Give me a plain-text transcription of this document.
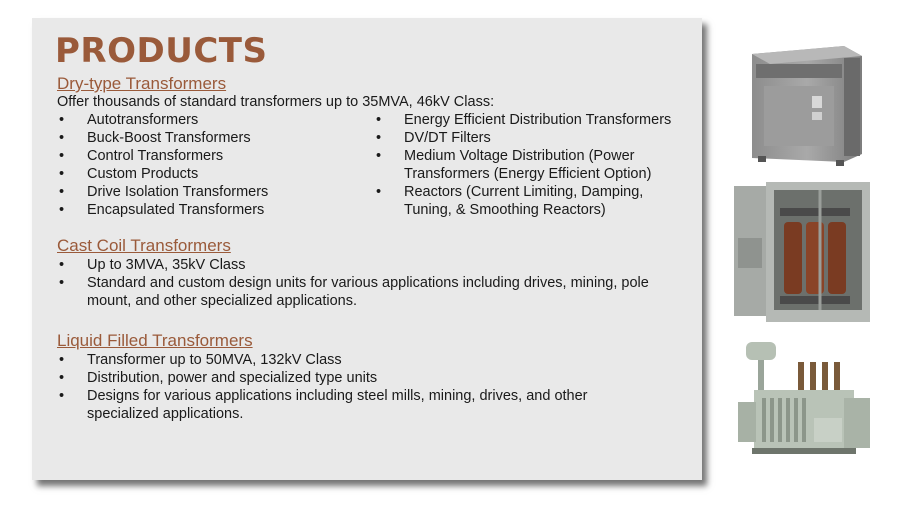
PRODUCTS
Dry-type Transformers

Offer thousands of standard transformers up to 35MVA, 46kV Class:

• Autotransformers
• Buck-Boost Transformers
• Control Transformers
• Custom Products
• Drive Isolation Transformers
• Encapsulated Transformers
• Energy Efficient Distribution Transformers
• DV/DT Filters
• Medium Voltage Distribution (Power Transformers (Energy Efficient Option)
• Reactors (Current Limiting, Damping, Tuning, & Smoothing Reactors)
Cast Coil Transformers
• Up to 3MVA, 35kV Class
• Standard and custom design units for various applications including drives, mining, pole mount, and other specialized applications.
Liquid Filled Transformers
• Transformer up to 50MVA, 132kV Class
• Distribution, power and specialized type units
• Designs for various applications including steel mills, mining, drives, and other specialized applications.
